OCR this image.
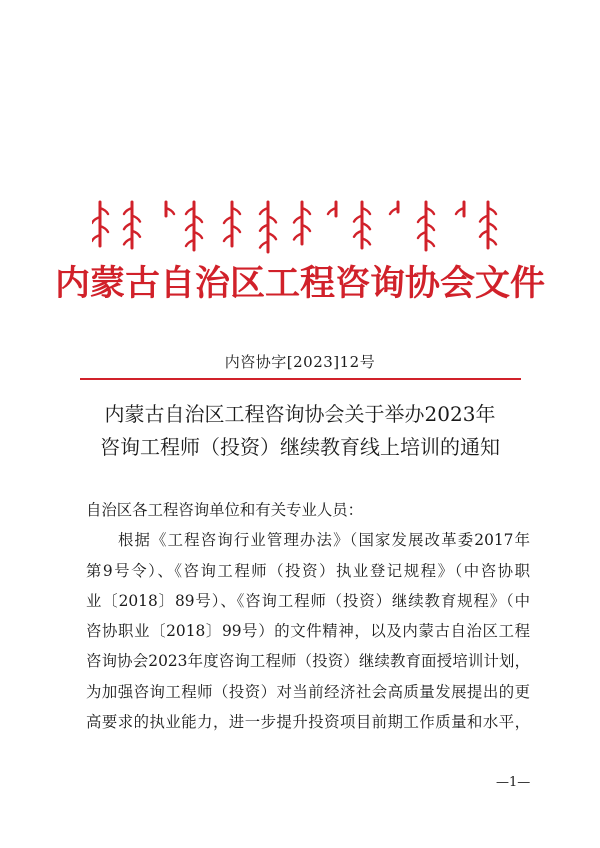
内蒙古自治区工程咨询协会文件
内咨协字[2023]12号
内蒙古自治区工程咨询协会关于举办2023年
咨询工程师（投资）继续教育线上培训的通知
自治区各工程咨询单位和有关专业人员：
根据《工程咨询行业管理办法》（国家发展改革委2017年
第9号令）、《咨询工程师（投资）执业登记规程》（中咨协职
业〔2018〕89号）、《咨询工程师（投资）继续教育规程》（中
咨协职业〔2018〕99号）的文件精神，以及内蒙古自治区工程
咨询协会2023年度咨询工程师（投资）继续教育面授培训计划，
为加强咨询工程师（投资）对当前经济社会高质量发展提出的更
高要求的执业能力，进一步提升投资项目前期工作质量和水平，
—1—
